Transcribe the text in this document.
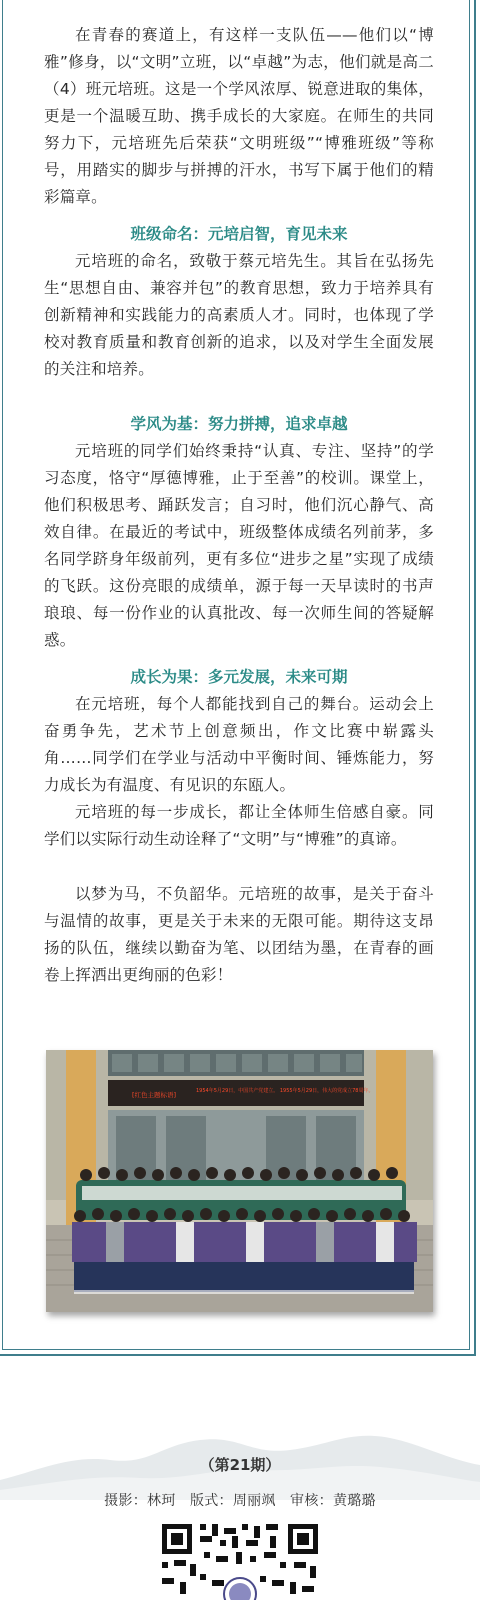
在青春的赛道上，有这样一支队伍——他们以“博雅”修身，以“文明”立班，以“卓越”为志，他们就是高二（4）班元培班。这是一个学风浓厚、锐意进取的集体，更是一个温暖互助、携手成长的大家庭。在师生的共同努力下，元培班先后荣获“文明班级”“博雅班级”等称号，用踏实的脚步与拼搏的汗水，书写下属于他们的精彩篇章。

班级命名：元培启智，育见未来

元培班的命名，致敬于蔡元培先生。其旨在弘扬先生“思想自由、兼容并包”的教育思想，致力于培养具有创新精神和实践能力的高素质人才。同时，也体现了学校对教育质量和教育创新的追求，以及对学生全面发展的关注和培养。

学风为基：努力拼搏，追求卓越

元培班的同学们始终秉持“认真、专注、坚持”的学习态度，恪守“厚德博雅，止于至善”的校训。课堂上，他们积极思考、踊跃发言；自习时，他们沉心静气、高效自律。在最近的考试中，班级整体成绩名列前茅，多名同学跻身年级前列，更有多位“进步之星”实现了成绩的飞跃。这份亮眼的成绩单，源于每一天早读时的书声琅琅、每一份作业的认真批改、每一次师生间的答疑解惑。

成长为果：多元发展，未来可期

在元培班，每个人都能找到自己的舞台。运动会上奋勇争先，艺术节上创意频出，作文比赛中崭露头角……同学们在学业与活动中平衡时间、锤炼能力，努力成长为有温度、有见识的东瓯人。

元培班的每一步成长，都让全体师生倍感自豪。同学们以实际行动生动诠释了“文明”与“博雅”的真谛。

以梦为马，不负韶华。元培班的故事，是关于奋斗与温情的故事，更是关于未来的无限可能。期待这支昂扬的队伍，继续以勤奋为笔、以团结为墨，在青春的画卷上挥洒出更绚丽的色彩！

[红色主题标语]	1954年5月29日，中国共产党建立。 1955年5月29日，伟大的党成立78周年。
（第21期）
摄影：林珂　版式：周丽飒　审核：黄璐璐
